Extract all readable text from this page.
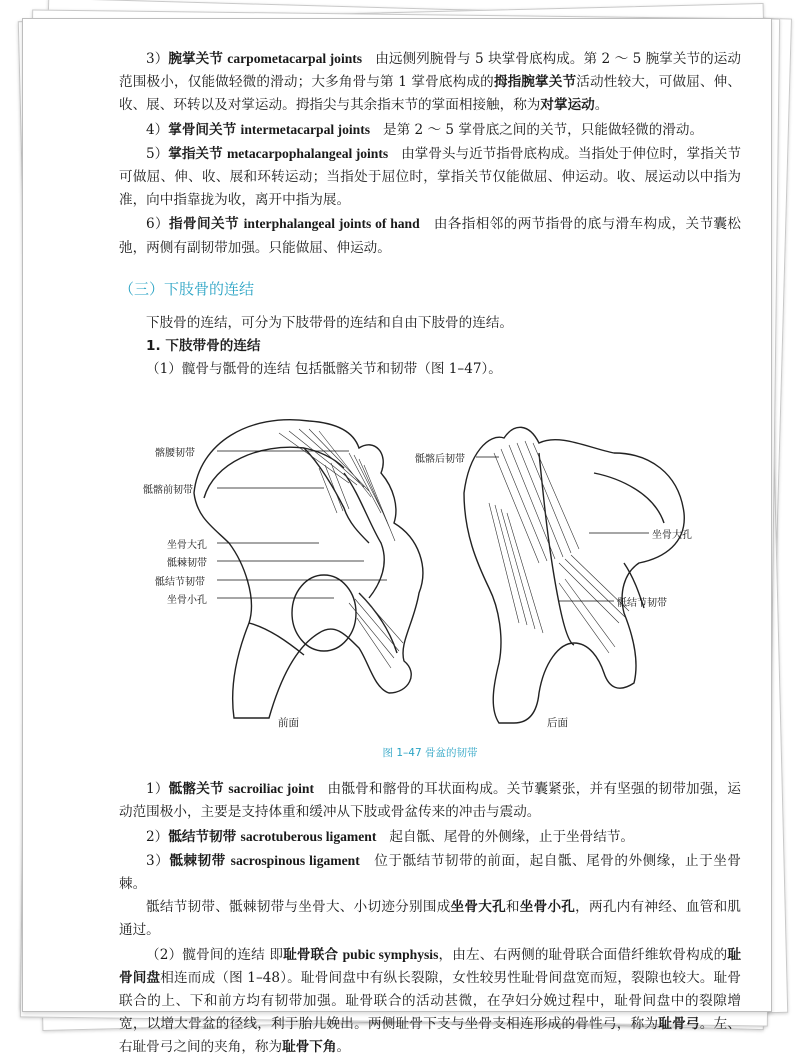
3）腕掌关节 carpometacarpal joints 由远侧列腕骨与 5 块掌骨底构成。第 2 ～ 5 腕掌关节的运动范围极小，仅能做轻微的滑动；大多角骨与第 1 掌骨底构成的拇指腕掌关节活动性较大，可做屈、伸、收、展、环转以及对掌运动。拇指尖与其余指末节的掌面相接触，称为对掌运动。

4）掌骨间关节 intermetacarpal joints 是第 2 ～ 5 掌骨底之间的关节，只能做轻微的滑动。

5）掌指关节 metacarpophalangeal joints 由掌骨头与近节指骨底构成。当指处于伸位时，掌指关节可做屈、伸、收、展和环转运动；当指处于屈位时，掌指关节仅能做屈、伸运动。收、展运动以中指为准，向中指靠拢为收，离开中指为展。

6）指骨间关节 interphalangeal joints of hand 由各指相邻的两节指骨的底与滑车构成，关节囊松弛，两侧有副韧带加强。只能做屈、伸运动。

（三）下肢骨的连结

下肢骨的连结，可分为下肢带骨的连结和自由下肢骨的连结。

1. 下肢带骨的连结

（1）髋骨与骶骨的连结 包括骶髂关节和韧带（图 1–47）。

髂腰韧带
骶髂前韧带
坐骨大孔
骶棘韧带
骶结节韧带
坐骨小孔
骶髂后韧带
坐骨大孔
骶结节韧带
前面	后面
图 1–47 骨盆的韧带

1）骶髂关节 sacroiliac joint 由骶骨和髂骨的耳状面构成。关节囊紧张，并有坚强的韧带加强，运动范围极小，主要是支持体重和缓冲从下肢或骨盆传来的冲击与震动。

2）骶结节韧带 sacrotuberous ligament 起自骶、尾骨的外侧缘，止于坐骨结节。

3）骶棘韧带 sacrospinous ligament 位于骶结节韧带的前面，起自骶、尾骨的外侧缘，止于坐骨棘。

骶结节韧带、骶棘韧带与坐骨大、小切迹分别围成坐骨大孔和坐骨小孔，两孔内有神经、血管和肌通过。

（2）髋骨间的连结 即耻骨联合 pubic symphysis，由左、右两侧的耻骨联合面借纤维软骨构成的耻骨间盘相连而成（图 1–48）。耻骨间盘中有纵长裂隙，女性较男性耻骨间盘宽而短，裂隙也较大。耻骨联合的上、下和前方均有韧带加强。耻骨联合的活动甚微，在孕妇分娩过程中，耻骨间盘中的裂隙增宽，以增大骨盆的径线，利于胎儿娩出。两侧耻骨下支与坐骨支相连形成的骨性弓，称为耻骨弓。左、右耻骨弓之间的夹角，称为耻骨下角。
